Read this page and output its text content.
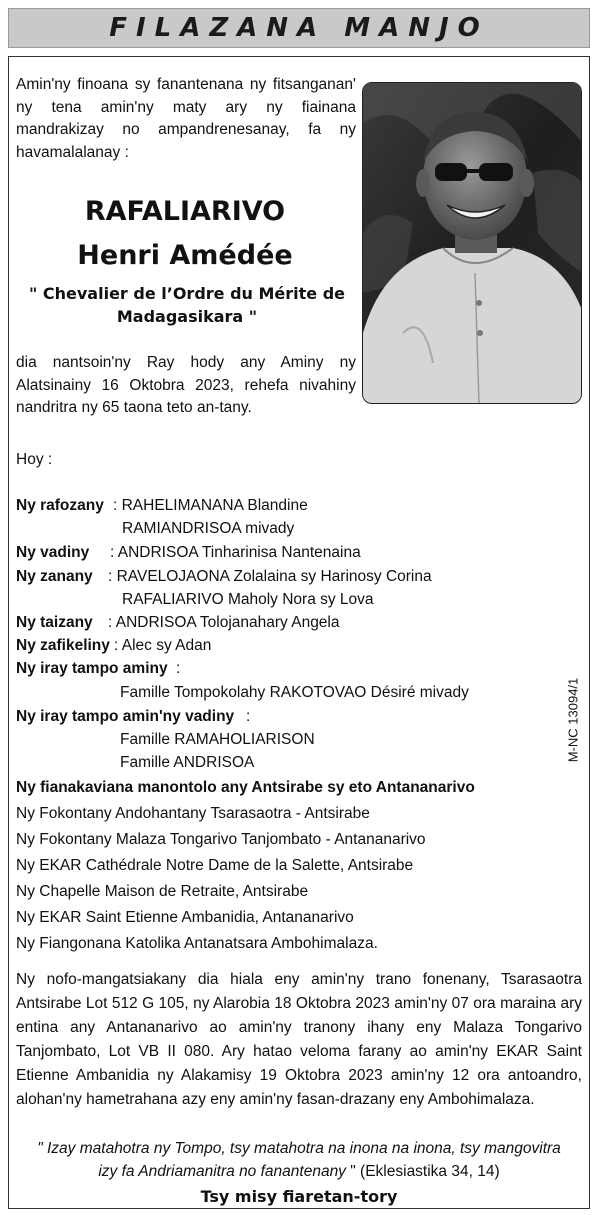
FILAZANA MANJO
Amin'ny finoana sy fanantenana ny fitsanganan' ny tena amin'ny maty ary ny fiainana mandrakizay no ampandrenesanay, fa ny havamalalanay :
RAFALIARIVO
Henri Amédée
" Chevalier de l’Ordre du Mérite de
Madagasikara "
dia nantsoin'ny Ray hody any Aminy ny Alatsinainy 16 Oktobra 2023, rehefa nivahiny nandritra ny 65 taona teto an-tany.
Hoy :
Ny rafozany : RAHELIMANANA Blandine
RAMIANDRISOA mivady
Ny vadiny : ANDRISOA Tinharinisa Nantenaina
Ny zanany : RAVELOJAONA Zolalaina sy Harinosy Corina
RAFALIARIVO Maholy Nora sy Lova
Ny taizany : ANDRISOA Tolojanahary Angela
Ny zafikeliny : Alec sy Adan
Ny iray tampo aminy :
Famille Tompokolahy RAKOTOVAO Désiré mivady
Ny iray tampo amin'ny vadiny :
Famille RAMAHOLIARISON
Famille ANDRISOA
Ny fianakaviana manontolo any Antsirabe sy eto Antananarivo
Ny Fokontany Andohantany Tsarasaotra - Antsirabe
Ny Fokontany Malaza Tongarivo Tanjombato - Antananarivo
Ny EKAR Cathédrale Notre Dame de la Salette, Antsirabe
Ny Chapelle Maison de Retraite, Antsirabe
Ny EKAR Saint Etienne Ambanidia, Antananarivo
Ny Fiangonana Katolika Antanatsara Ambohimalaza.
M-NC 13094/1
Ny nofo-mangatsiakany dia hiala eny amin'ny trano fonenany, Tsarasaotra Antsirabe Lot 512 G 105, ny Alarobia 18 Oktobra 2023 amin'ny 07 ora maraina ary entina any Antananarivo ao amin'ny tranony ihany eny Malaza Tongarivo Tanjombato, Lot VB II 080. Ary hatao veloma farany ao amin'ny EKAR Saint Etienne Ambanidia ny Alakamisy 19 Oktobra 2023 amin'ny 12 ora antoandro, alohan'ny hametrahana azy eny amin'ny fasan-drazany eny Ambohimalaza.
" Izay matahotra ny Tompo, tsy matahotra na inona na inona, tsy mangovitra
izy fa Andriamanitra no fanantenany " (Eklesiastika 34, 14)
Tsy misy fiaretan-tory
